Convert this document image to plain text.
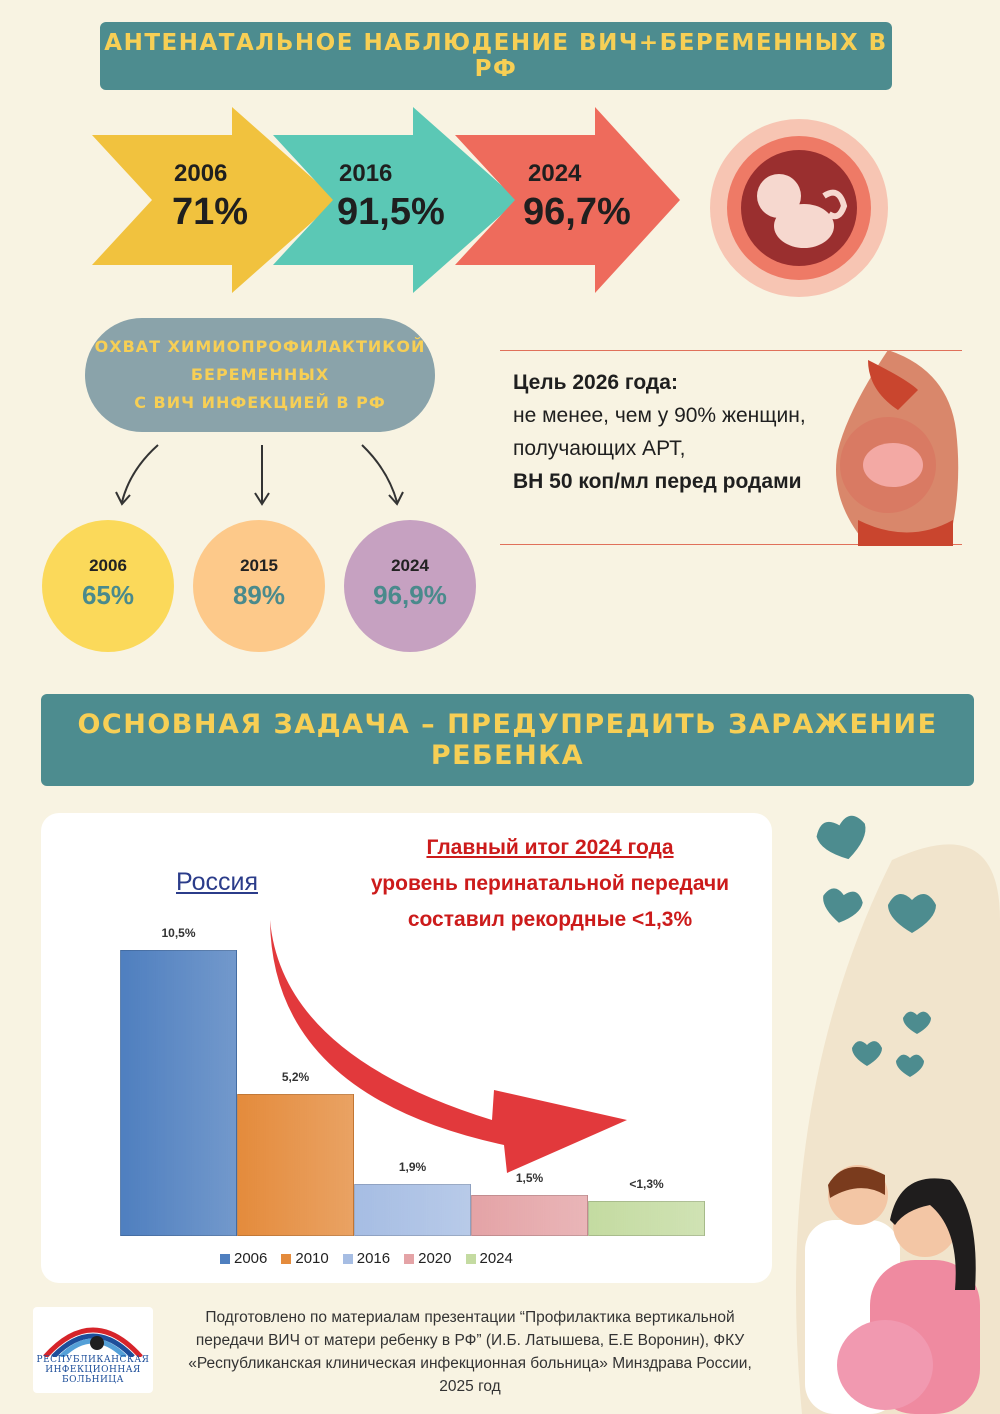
АНТЕНАТАЛЬНОЕ НАБЛЮДЕНИЕ ВИЧ+БЕРЕМЕННЫХ В РФ
2006
71%
2016
91,5%
2024
96,7%
ОХВАТ ХИМИОПРОФИЛАКТИКОЙ
БЕРЕМЕННЫХ
С ВИЧ ИНФЕКЦИЕЙ В РФ
2006
65%
2015
89%
2024
96,9%
Цель 2026 года:
не менее, чем у 90% женщин, получающих АРТ,
ВН 50 коп/мл перед родами
ОСНОВНАЯ ЗАДАЧА – ПРЕДУПРЕДИТЬ ЗАРАЖЕНИЕ РЕБЕНКА
Россия
Главный итог 2024 года
уровень перинатальной передачи
составил рекордные <1,3%
10,5%
5,2%
1,9%
1,5%	<1,3%
2006	2010	2016	2020	2024
РЕСПУБЛИКАНСКАЯ ИНФЕКЦИОННАЯ БОЛЬНИЦА
Подготовлено по материалам презентации “Профилактика вертикальной передачи ВИЧ от матери ребенку в РФ” (И.Б. Латышева, Е.Е Воронин), ФКУ «Республиканская клиническая инфекционная больница» Минздрава России, 2025 год
